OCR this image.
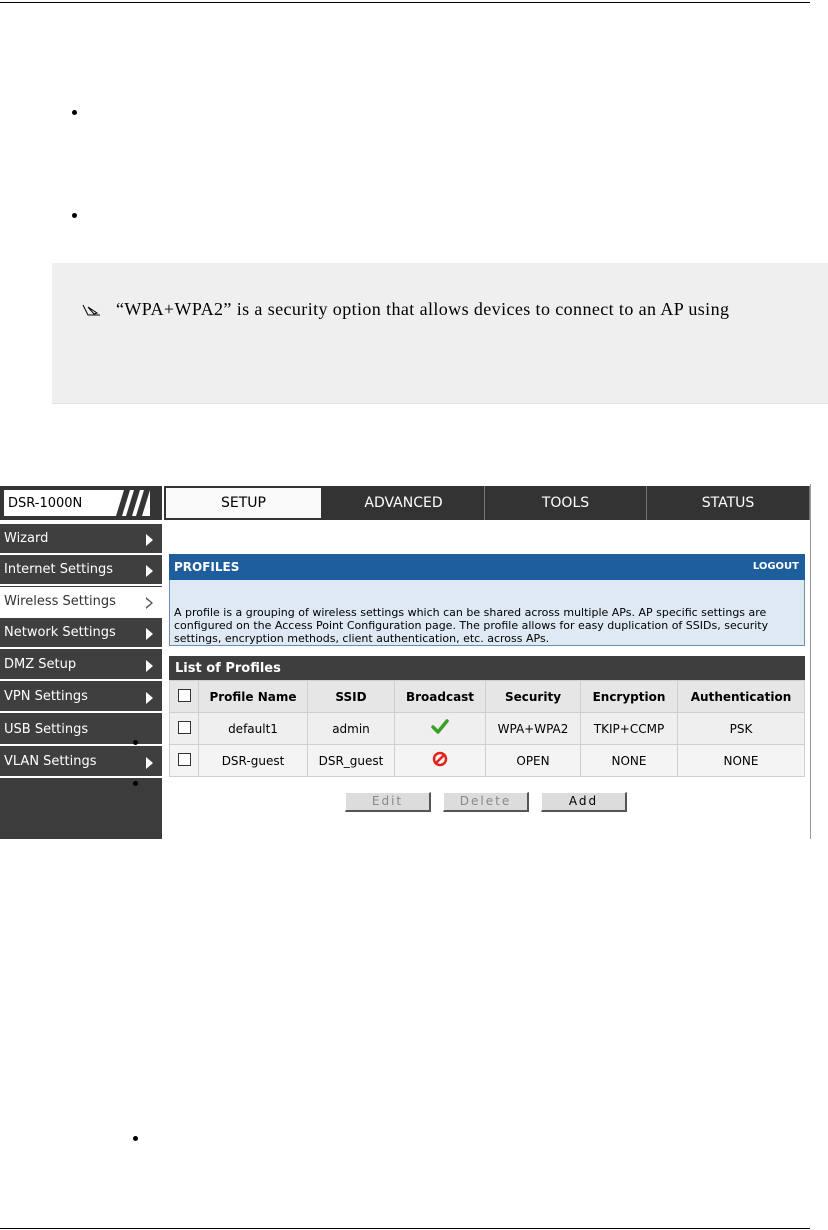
“WPA+WPA2” is a security option that allows devices to connect to an AP using
DSR-1000N	SETUP	ADVANCED	TOOLS	STATUS
Wizard
Internet Settings
Wireless Settings
Network Settings
DMZ Setup
VPN Settings
USB Settings
VLAN Settings
PROFILES	LOGOUT
A profile is a grouping of wireless settings which can be shared across multiple APs. AP specific settings are configured on the Access Point Configuration page. The profile allows for easy duplication of SSIDs, security settings, encryption methods, client authentication, etc. across APs.
List of Profiles
	Profile Name	SSID	Broadcast	Security	Encryption	Authentication
	default1	admin		WPA+WPA2	TKIP+CCMP	PSK
	DSR-guest	DSR_guest		OPEN	NONE	NONE
Edit	Delete	Add
